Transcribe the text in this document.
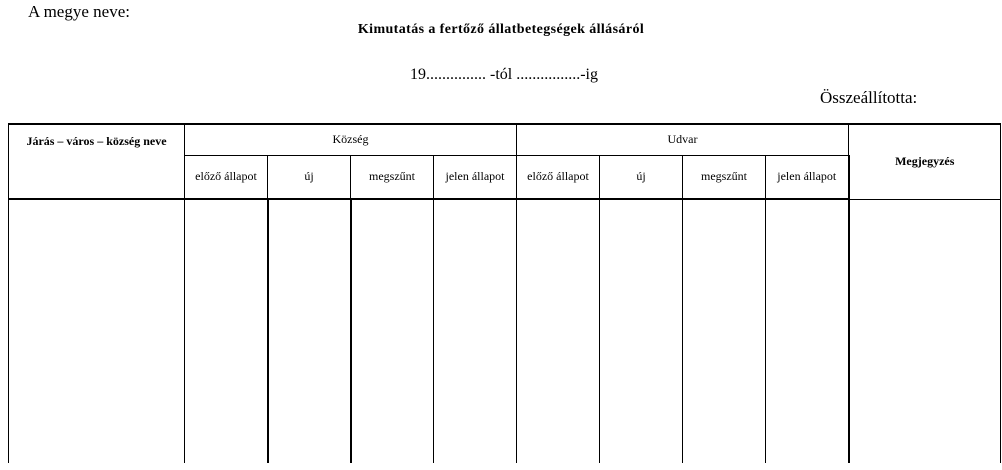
A megye neve:
Kimutatás a fertőző állatbetegségek állásáról
19............... -tól ................-ig
Összeállította:
Járás – város – község neve	Község				Udvar				Megjegyzés
	előző állapot	új	megszűnt	jelen állapot	előző állapot	új	megszűnt	jelen állapot	
